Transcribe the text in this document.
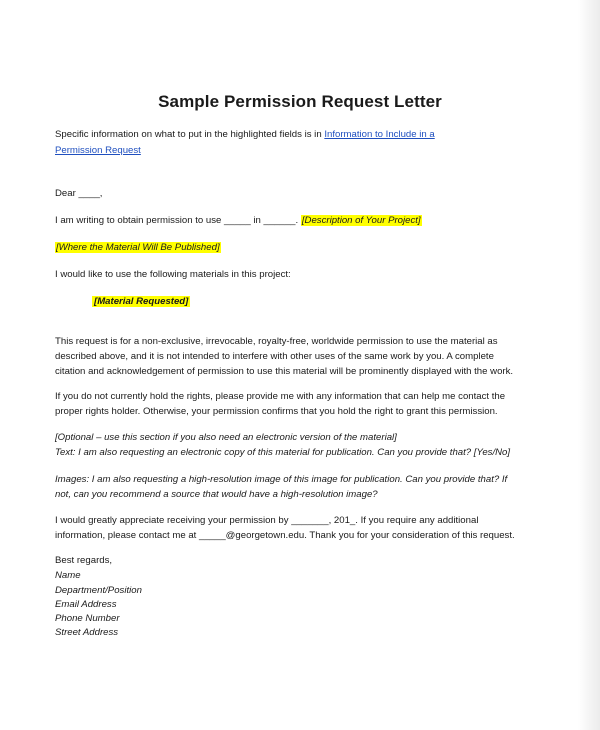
Sample Permission Request Letter
Specific information on what to put in the highlighted fields is in Information to Include in a
Permission Request
Dear ____,
I am writing to obtain permission to use _____ in ______. [Description of Your Project]
[Where the Material Will Be Published]
I would like to use the following materials in this project:
[Material Requested]
This request is for a non-exclusive, irrevocable, royalty-free, worldwide permission to use the material as
described above, and it is not intended to interfere with other uses of the same work by you. A complete
citation and acknowledgement of permission to use this material will be prominently displayed with the work.
If you do not currently hold the rights, please provide me with any information that can help me contact the
proper rights holder. Otherwise, your permission confirms that you hold the right to grant this permission.
[Optional – use this section if you also need an electronic version of the material]
Text: I am also requesting an electronic copy of this material for publication. Can you provide that? [Yes/No]
Images: I am also requesting a high-resolution image of this image for publication. Can you provide that? If
not, can you recommend a source that would have a high-resolution image?
I would greatly appreciate receiving your permission by _______, 201_. If you require any additional
information, please contact me at _____@georgetown.edu. Thank you for your consideration of this request.
Best regards,
Name
Department/Position
Email Address
Phone Number
Street Address
